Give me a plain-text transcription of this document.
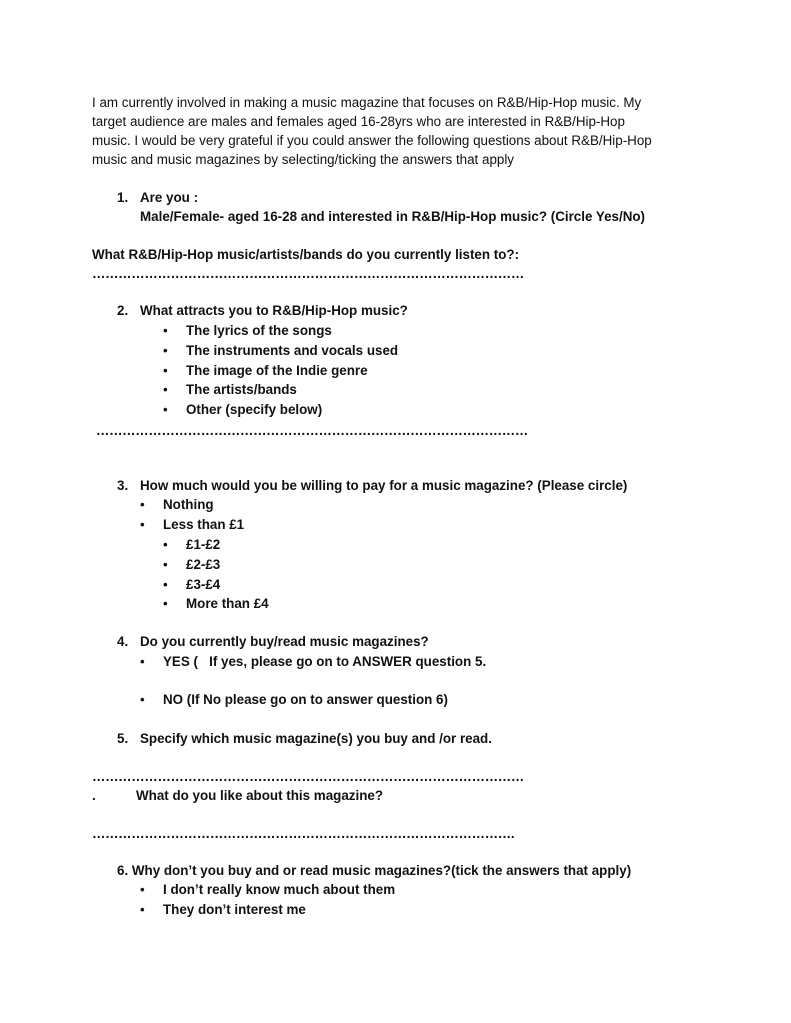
I am currently involved in making a music magazine that focuses on R&B/Hip-Hop music. My
target audience are males and females aged 16-28yrs who are interested in R&B/Hip-Hop
music. I would be very grateful if you could answer the following questions about R&B/Hip-Hop
music and music magazines by selecting/ticking the answers that apply
1. Are you :
Male/Female- aged 16-28 and interested in R&B/Hip-Hop music? (Circle Yes/No)
What R&B/Hip-Hop music/artists/bands do you currently listen to?:
………………………………………………………………………………………
2. What attracts you to R&B/Hip-Hop music?
• The lyrics of the songs
• The instruments and vocals used
• The image of the Indie genre
• The artists/bands
• Other (specify below)
………………………………………………………………………………………
3. How much would you be willing to pay for a music magazine? (Please circle)
• Nothing
• Less than £1
• £1-£2
• £2-£3
• £3-£4
• More than £4
4. Do you currently buy/read music magazines?
• YES (   If yes, please go on to ANSWER question 5.
• NO (If No please go on to answer question 6)
5. Specify which music magazine(s) you buy and /or read.
………………………………………………………………………………………
.	What do you like about this magazine?
…………………………………………………………………………………….
6. Why don’t you buy and or read music magazines?(tick the answers that apply)
• I don’t really know much about them
• They don’t interest me
